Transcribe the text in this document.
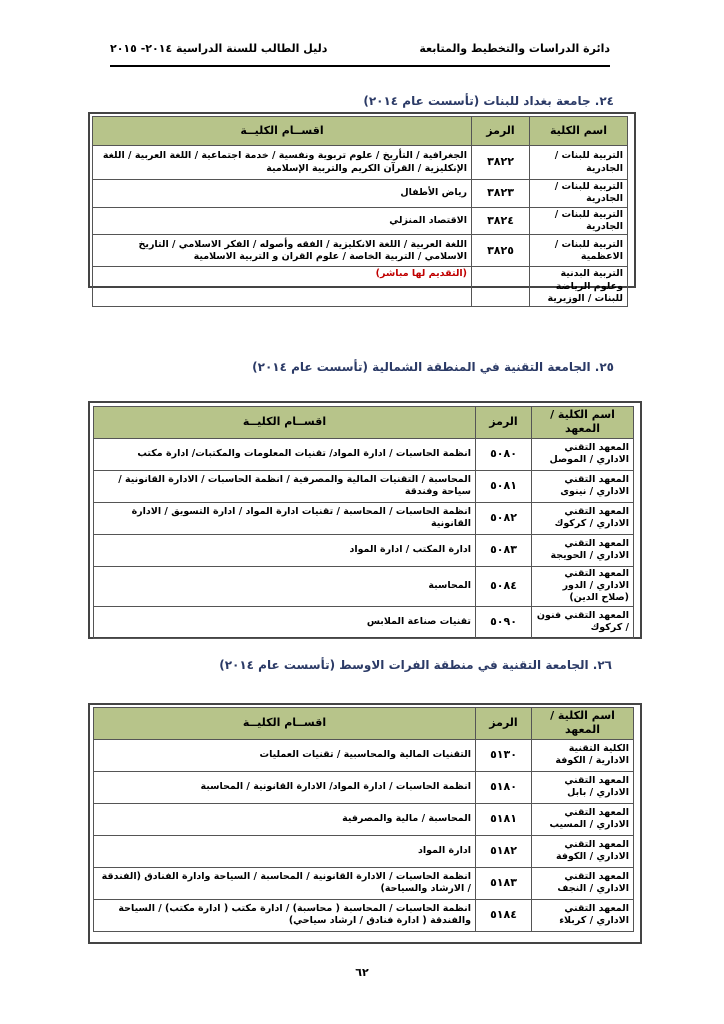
دائرة الدراسات والتخطيط والمتابعة
دليل الطالب للسنة الدراسية ٢٠١٤- ٢٠١٥
٢٤. جامعة بغداد للبنات (تأسست عام ٢٠١٤)
اسم الكلية	الرمز	اقســام الكليــة
التربية للبنات / الجادرية	٣٨٢٢	الجغرافية / التأريخ / علوم تربوية ونفسية / خدمة اجتماعية / اللغة العربية / اللغة الإنكليزية / القرآن الكريم والتربية الإسلامية
التربية للبنات / الجادرية	٣٨٢٣	رياض الأطفال
التربية للبنات / الجادرية	٣٨٢٤	الاقتصاد المنزلي
التربية للبنات / الاعظمية	٣٨٢٥	اللغة العربية / اللغة الانكليزية / الفقه وأصوله / الفكر الاسلامي / التاريخ الاسلامي / التربية الخاصة / علوم القران و التربية الاسلامية
التربية البدنية وعلوم الرياضة للبنات / الوزيرية		(التقديم لها مباشر)
٢٥. الجامعة التقنية في المنطقة الشمالية (تأسست عام ٢٠١٤)
اسم الكلية / المعهد	الرمز	اقســام الكليــة
المعهد التقني الاداري / الموصل	٥٠٨٠	انظمة الحاسبات / ادارة المواد/ تقنيات المعلومات والمكتبات/ ادارة مكتب
المعهد التقني الاداري / نينوى	٥٠٨١	المحاسبة / التقنيات المالية والمصرفية / انظمة الحاسبات / الادارة القانونية / سياحة وفندقة
المعهد التقني الاداري / كركوك	٥٠٨٢	انظمة الحاسبات / المحاسبة / تقنيات ادارة المواد / ادارة التسويق / الادارة القانونية
المعهد التقني الاداري / الحويجة	٥٠٨٣	ادارة المكتب / ادارة المواد
المعهد التقني الاداري / الدور (صلاح الدين)	٥٠٨٤	المحاسبة
المعهد التقني فنون / كركوك	٥٠٩٠	تقنيات صناعة الملابس
٢٦. الجامعة التقنية في منطقة الفرات الاوسط (تأسست عام ٢٠١٤)
اسم الكلية / المعهد	الرمز	اقســام الكليــة
الكلية التقنية الادارية / الكوفة	٥١٣٠	التقنيات المالية والمحاسبية / تقنيات العمليات
المعهد التقني الاداري / بابل	٥١٨٠	انظمة الحاسبات / ادارة المواد/ الادارة القانونية / المحاسبة
المعهد التقني الاداري / المسيب	٥١٨١	المحاسبة / مالية والمصرفية
المعهد التقني الاداري / الكوفة	٥١٨٢	ادارة المواد
المعهد التقني الاداري / النجف	٥١٨٣	انظمة الحاسبات / الادارة القانونية / المحاسبة / السياحة وادارة الفنادق (الفندقة / الارشاد والسياحة)
المعهد التقني الاداري / كربلاء	٥١٨٤	انظمة الحاسبات / المحاسبة ( محاسبة) / ادارة مكتب ( ادارة مكتب) / السياحة والفندقة ( ادارة فنادق / ارشاد سياحي)
٦٢
